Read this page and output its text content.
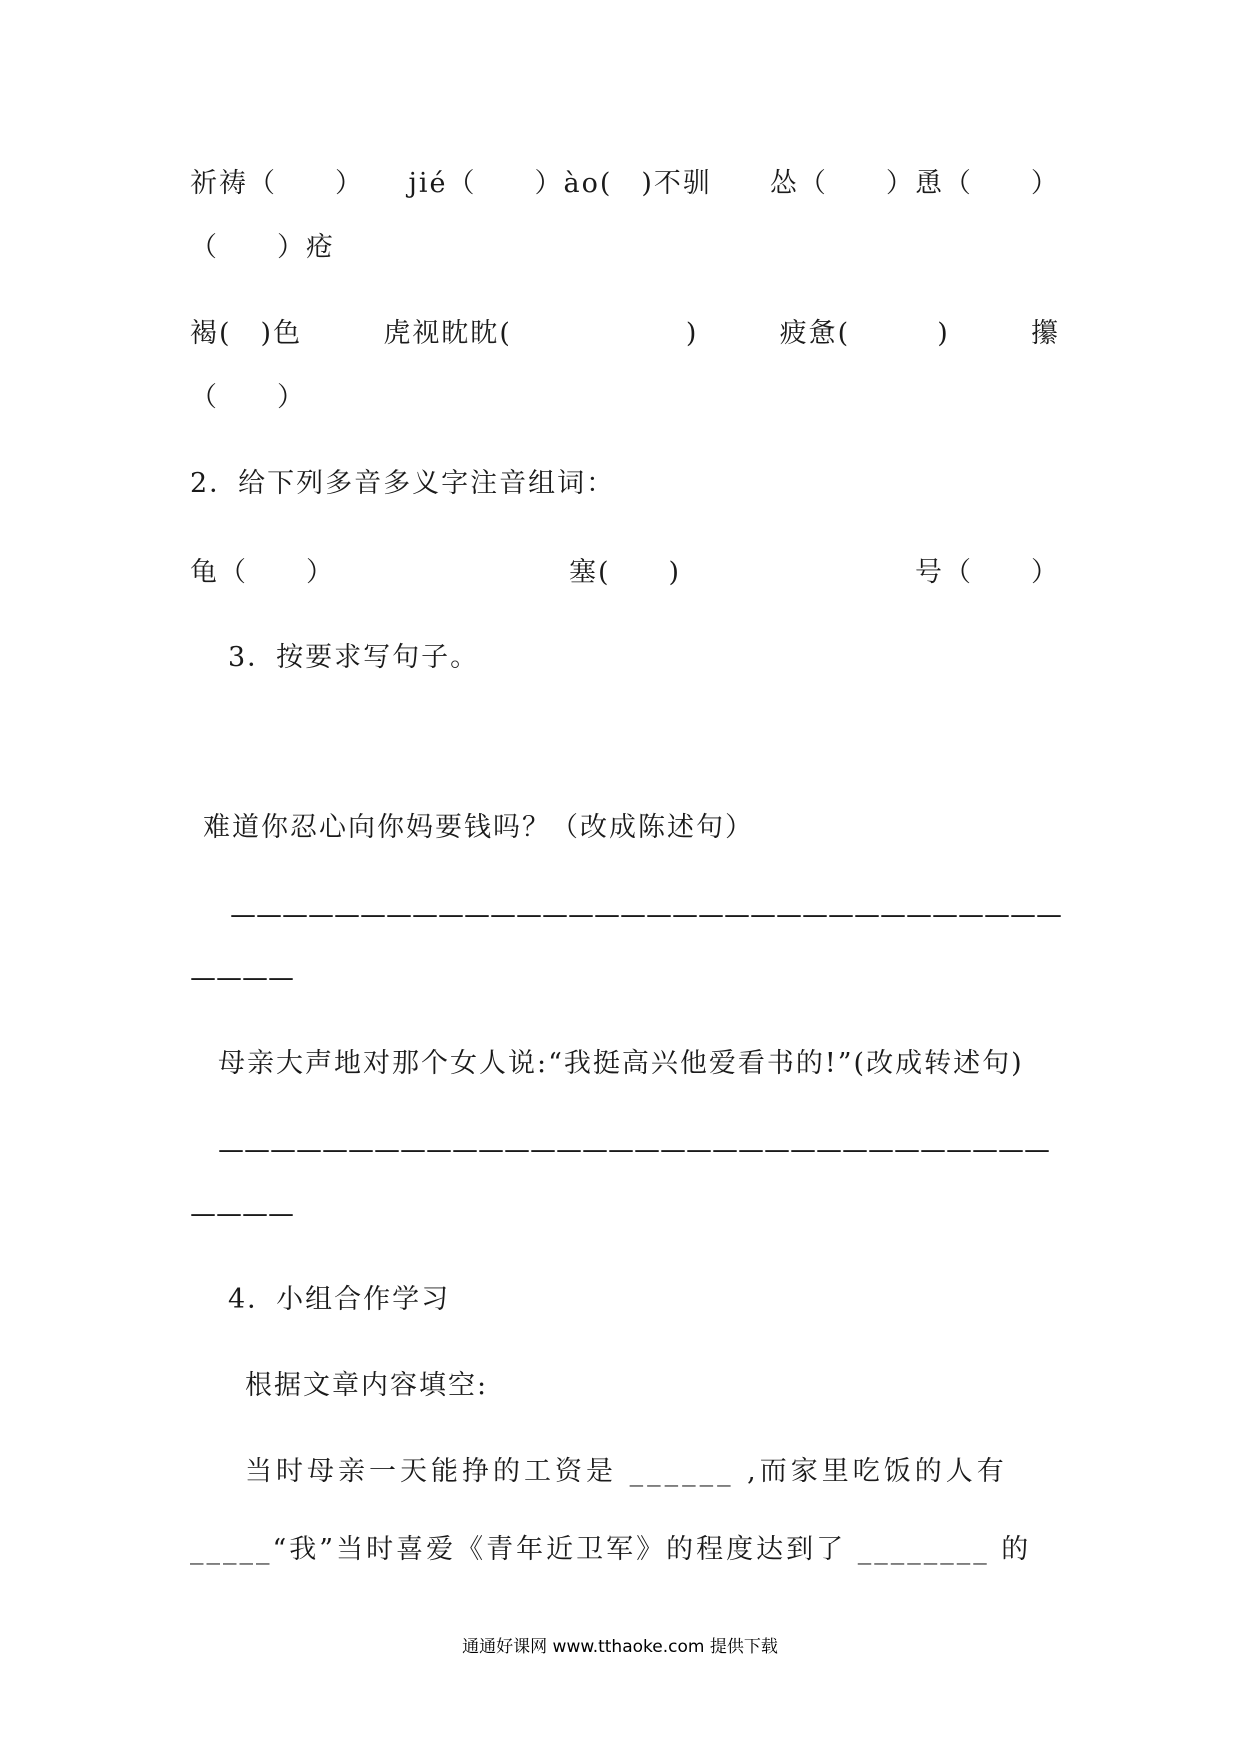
祈祷（　　）　　jié（　　）ào(　)不驯　　怂（　　）恿（　　）
（　　）疮
褐(　)色	虎视眈眈(　　　　　　)	疲惫(　　　)	攥
（　　）
2．给下列多音多义字注音组词：
龟（　　）	塞(　　)	号（　　）
3．按要求写句子。
难道你忍心向你妈要钱吗？（改成陈述句）
————————————————————————————————
————
母亲大声地对那个女人说:“我挺高兴他爱看书的!”(改成转述句)
————————————————————————————————
————
4．小组合作学习
根据文章内容填空:
当时母亲一天能挣的工资是 ______ ,而家里吃饭的人有
_____“我”当时喜爱《青年近卫军》的程度达到了 ________ 的
通通好课网 www.tthaoke.com 提供下载
